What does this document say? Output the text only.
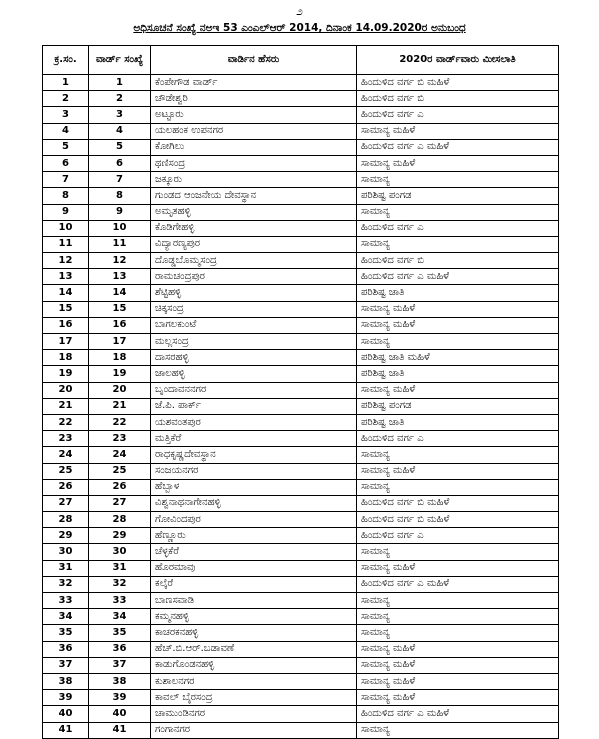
೨
ಅಧಿಸೂಚನೆ ಸಂಖ್ಯೆ ನಅಇ 53 ಎಂಎಲ್ಆರ್ 2014, ದಿನಾಂಕ 14.09.2020ರ ಅನುಬಂಧ
ಕ್ರ.ಸಂ.	ವಾರ್ಡ್ ಸಂಖ್ಯೆ	ವಾರ್ಡಿನ ಹೆಸರು	2020ರ ವಾರ್ಡ್‌ವಾರು ಮೀಸಲಾತಿ
1	1	ಕೆಂಪೇಗೌಡ ವಾರ್ಡ್	ಹಿಂದುಳಿದ ವರ್ಗ ಬಿ ಮಹಿಳೆ
2	2	ಚೌಡೇಶ್ವರಿ	ಹಿಂದುಳಿದ ವರ್ಗ ಬಿ
3	3	ಅಟ್ಟೂರು	ಹಿಂದುಳಿದ ವರ್ಗ ಎ
4	4	ಯಲಹಂಕ ಉಪನಗರ	ಸಾಮಾನ್ಯ ಮಹಿಳೆ
5	5	ಕೋಗಿಲು	ಹಿಂದುಳಿದ ವರ್ಗ ಎ ಮಹಿಳೆ
6	6	ಥಣಿಸಂದ್ರ	ಸಾಮಾನ್ಯ ಮಹಿಳೆ
7	7	ಜಕ್ಕೂರು	ಸಾಮಾನ್ಯ
8	8	ಗುಂಡದ ಆಂಜನೇಯ ದೇವಸ್ಥಾನ	ಪರಿಶಿಷ್ಟ ಪಂಗಡ
9	9	ಅಮೃತಹಳ್ಳಿ	ಸಾಮಾನ್ಯ
10	10	ಕೊಡಿಗೇಹಳ್ಳಿ	ಹಿಂದುಳಿದ ವರ್ಗ ಎ
11	11	ವಿದ್ಯಾರಣ್ಯಪುರ	ಸಾಮಾನ್ಯ
12	12	ದೊಡ್ಡಬೊಮ್ಮಸಂದ್ರ	ಹಿಂದುಳಿದ ವರ್ಗ ಬಿ
13	13	ರಾಮಚಂದ್ರಪುರ	ಹಿಂದುಳಿದ ವರ್ಗ ಎ ಮಹಿಳೆ
14	14	ಶೆಟ್ಟಿಹಳ್ಳಿ	ಪರಿಶಿಷ್ಟ ಜಾತಿ
15	15	ಚಿಕ್ಕಸಂದ್ರ	ಸಾಮಾನ್ಯ ಮಹಿಳೆ
16	16	ಬಾಗಲಕುಂಟೆ	ಸಾಮಾನ್ಯ ಮಹಿಳೆ
17	17	ಮಲ್ಲಸಂದ್ರ	ಸಾಮಾನ್ಯ
18	18	ದಾಸರಹಳ್ಳಿ	ಪರಿಶಿಷ್ಟ ಜಾತಿ ಮಹಿಳೆ
19	19	ಜಾಲಹಳ್ಳಿ	ಪರಿಶಿಷ್ಟ ಜಾತಿ
20	20	ಬೃಂದಾವನನಗರ	ಸಾಮಾನ್ಯ ಮಹಿಳೆ
21	21	ಜೆ.ಪಿ. ಪಾರ್ಕ್	ಪರಿಶಿಷ್ಟ ಪಂಗಡ
22	22	ಯಶವಂತಪುರ	ಪರಿಶಿಷ್ಟ ಜಾತಿ
23	23	ಮತ್ತಿಕೆರೆ	ಹಿಂದುಳಿದ ವರ್ಗ ಎ
24	24	ರಾಧಕೃಷ್ಣದೇವಸ್ಥಾನ	ಸಾಮಾನ್ಯ
25	25	ಸಂಜಯನಗರ	ಸಾಮಾನ್ಯ ಮಹಿಳೆ
26	26	ಹೆಬ್ಬಾಳ	ಸಾಮಾನ್ಯ
27	27	ವಿಶ್ವನಾಥನಾಗೇನಹಳ್ಳಿ	ಹಿಂದುಳಿದ ವರ್ಗ ಬಿ ಮಹಿಳೆ
28	28	ಗೋವಿಂದಪುರ	ಹಿಂದುಳಿದ ವರ್ಗ ಬಿ ಮಹಿಳೆ
29	29	ಹೆಣ್ಣೂರು	ಹಿಂದುಳಿದ ವರ್ಗ ಎ
30	30	ಚೆಳ್ಳಕೆರೆ	ಸಾಮಾನ್ಯ
31	31	ಹೊರಮಾವು	ಸಾಮಾನ್ಯ ಮಹಿಳೆ
32	32	ಕಲ್ಕೆರೆ	ಹಿಂದುಳಿದ ವರ್ಗ ಎ ಮಹಿಳೆ
33	33	ಬಾಣಸವಾಡಿ	ಸಾಮಾನ್ಯ
34	34	ಕಮ್ಮನಹಳ್ಳಿ	ಸಾಮಾನ್ಯ
35	35	ಕಾಚರಕನಹಳ್ಳಿ	ಸಾಮಾನ್ಯ
36	36	ಹೆಚ್.ಬಿ.ಆರ್.ಬಡಾವಣೆ	ಸಾಮಾನ್ಯ ಮಹಿಳೆ
37	37	ಕಾಡುಗೊಂಡನಹಳ್ಳಿ	ಸಾಮಾನ್ಯ ಮಹಿಳೆ
38	38	ಕುಶಾಲನಗರ	ಸಾಮಾನ್ಯ ಮಹಿಳೆ
39	39	ಕಾವಲ್ ಬೈರಸಂದ್ರ	ಸಾಮಾನ್ಯ ಮಹಿಳೆ
40	40	ಚಾಮುಂಡಿನಗರ	ಹಿಂದುಳಿದ ವರ್ಗ ಎ ಮಹಿಳೆ
41	41	ಗಂಗಾನಗರ	ಸಾಮಾನ್ಯ
